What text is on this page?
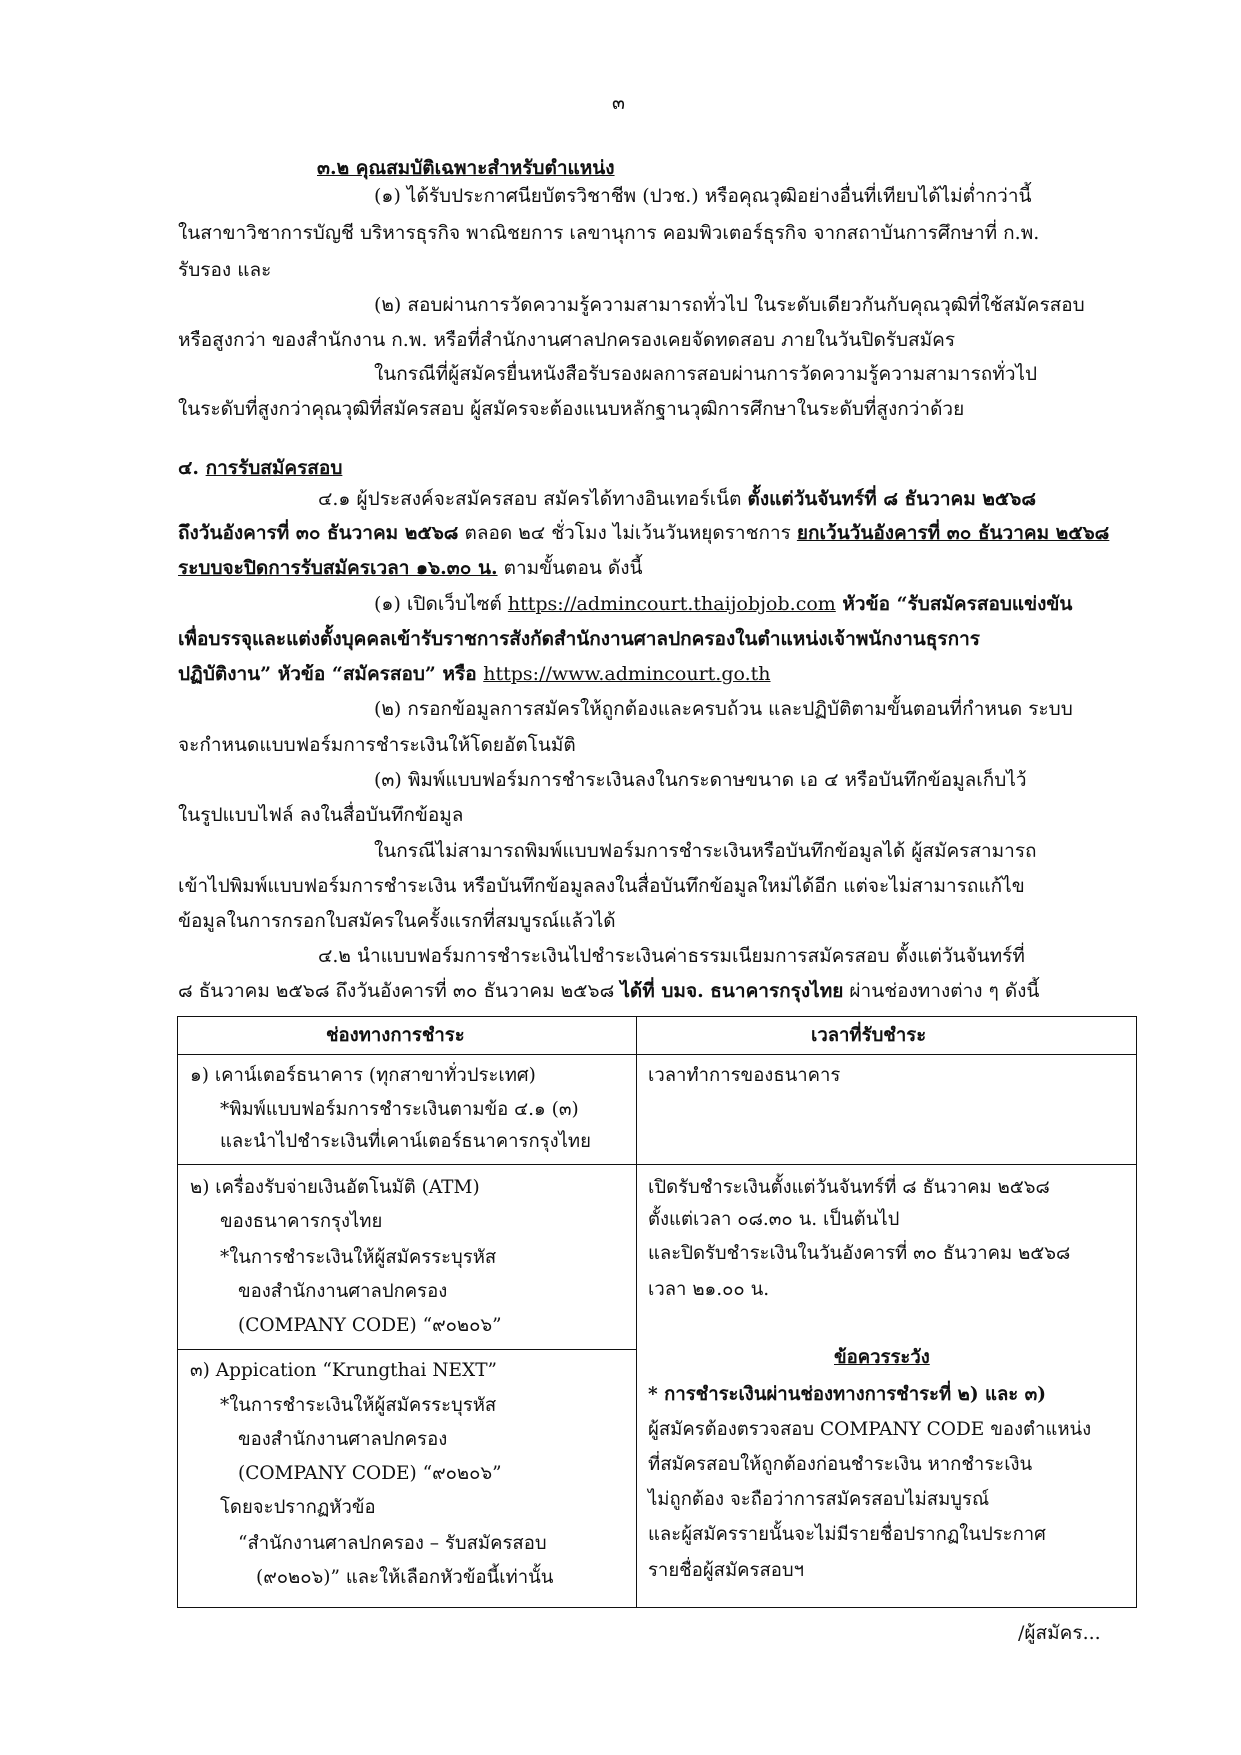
๓
๓.๒ คุณสมบัติเฉพาะสำหรับตำแหน่ง
(๑) ได้รับประกาศนียบัตรวิชาชีพ (ปวช.) หรือคุณวุฒิอย่างอื่นที่เทียบได้ไม่ต่ำกว่านี้
ในสาขาวิชาการบัญชี บริหารธุรกิจ พาณิชยการ เลขานุการ คอมพิวเตอร์ธุรกิจ จากสถาบันการศึกษาที่ ก.พ.
รับรอง และ
(๒) สอบผ่านการวัดความรู้ความสามารถทั่วไป ในระดับเดียวกันกับคุณวุฒิที่ใช้สมัครสอบ
หรือสูงกว่า ของสำนักงาน ก.พ. หรือที่สำนักงานศาลปกครองเคยจัดทดสอบ ภายในวันปิดรับสมัคร
ในกรณีที่ผู้สมัครยื่นหนังสือรับรองผลการสอบผ่านการวัดความรู้ความสามารถทั่วไป
ในระดับที่สูงกว่าคุณวุฒิที่สมัครสอบ ผู้สมัครจะต้องแนบหลักฐานวุฒิการศึกษาในระดับที่สูงกว่าด้วย
๔. การรับสมัครสอบ
๔.๑ ผู้ประสงค์จะสมัครสอบ สมัครได้ทางอินเทอร์เน็ต ตั้งแต่วันจันทร์ที่ ๘ ธันวาคม ๒๕๖๘
ถึงวันอังคารที่ ๓๐ ธันวาคม ๒๕๖๘ ตลอด ๒๔ ชั่วโมง ไม่เว้นวันหยุดราชการ ยกเว้นวันอังคารที่ ๓๐ ธันวาคม ๒๕๖๘
ระบบจะปิดการรับสมัครเวลา ๑๖.๓๐ น. ตามขั้นตอน ดังนี้
(๑) เปิดเว็บไซต์ https://admincourt.thaijobjob.com หัวข้อ “รับสมัครสอบแข่งขัน
เพื่อบรรจุและแต่งตั้งบุคคลเข้ารับราชการสังกัดสำนักงานศาลปกครองในตำแหน่งเจ้าพนักงานธุรการ
ปฏิบัติงาน” หัวข้อ “สมัครสอบ” หรือ https://www.admincourt.go.th
(๒) กรอกข้อมูลการสมัครให้ถูกต้องและครบถ้วน และปฏิบัติตามขั้นตอนที่กำหนด ระบบ
จะกำหนดแบบฟอร์มการชำระเงินให้โดยอัตโนมัติ
(๓) พิมพ์แบบฟอร์มการชำระเงินลงในกระดาษขนาด เอ ๔ หรือบันทึกข้อมูลเก็บไว้
ในรูปแบบไฟล์ ลงในสื่อบันทึกข้อมูล
ในกรณีไม่สามารถพิมพ์แบบฟอร์มการชำระเงินหรือบันทึกข้อมูลได้ ผู้สมัครสามารถ
เข้าไปพิมพ์แบบฟอร์มการชำระเงิน หรือบันทึกข้อมูลลงในสื่อบันทึกข้อมูลใหม่ได้อีก แต่จะไม่สามารถแก้ไข
ข้อมูลในการกรอกใบสมัครในครั้งแรกที่สมบูรณ์แล้วได้
๔.๒ นำแบบฟอร์มการชำระเงินไปชำระเงินค่าธรรมเนียมการสมัครสอบ ตั้งแต่วันจันทร์ที่
๘ ธันวาคม ๒๕๖๘ ถึงวันอังคารที่ ๓๐ ธันวาคม ๒๕๖๘ ได้ที่ บมจ. ธนาคารกรุงไทย ผ่านช่องทางต่าง ๆ ดังนี้
ช่องทางการชำระ	เวลาที่รับชำระ
๑) เคาน์เตอร์ธนาคาร (ทุกสาขาทั่วประเทศ)
*พิมพ์แบบฟอร์มการชำระเงินตามข้อ ๔.๑ (๓)
และนำไปชำระเงินที่เคาน์เตอร์ธนาคารกรุงไทย
เวลาทำการของธนาคาร
๒) เครื่องรับจ่ายเงินอัตโนมัติ (ATM)
ของธนาคารกรุงไทย
*ในการชำระเงินให้ผู้สมัครระบุรหัส
ของสำนักงานศาลปกครอง
(COMPANY CODE) “๙๐๒๐๖”
เปิดรับชำระเงินตั้งแต่วันจันทร์ที่ ๘ ธันวาคม ๒๕๖๘
ตั้งแต่เวลา ๐๘.๓๐ น. เป็นต้นไป
และปิดรับชำระเงินในวันอังคารที่ ๓๐ ธันวาคม ๒๕๖๘
เวลา ๒๑.๐๐ น.
๓) Appication “Krungthai NEXT”
*ในการชำระเงินให้ผู้สมัครระบุรหัส
ของสำนักงานศาลปกครอง
(COMPANY CODE) “๙๐๒๐๖”
โดยจะปรากฏหัวข้อ
“สำนักงานศาลปกครอง – รับสมัครสอบ
(๙๐๒๐๖)” และให้เลือกหัวข้อนี้เท่านั้น
ข้อควรระวัง
* การชำระเงินผ่านช่องทางการชำระที่ ๒) และ ๓)
ผู้สมัครต้องตรวจสอบ COMPANY CODE ของตำแหน่ง
ที่สมัครสอบให้ถูกต้องก่อนชำระเงิน หากชำระเงิน
ไม่ถูกต้อง จะถือว่าการสมัครสอบไม่สมบูรณ์
และผู้สมัครรายนั้นจะไม่มีรายชื่อปรากฏในประกาศ
รายชื่อผู้สมัครสอบฯ
/ผู้สมัคร...
